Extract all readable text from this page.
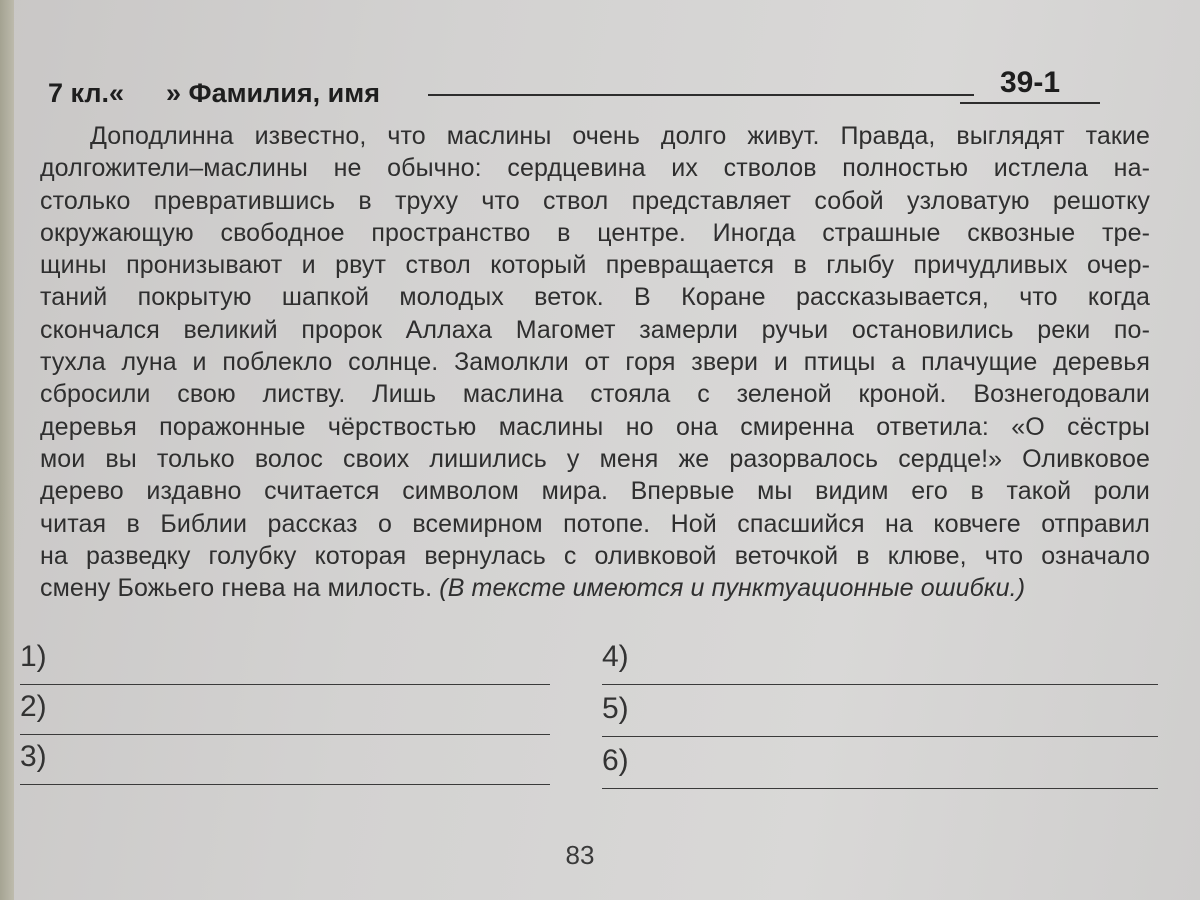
7 кл.« » Фамилия, имя	39-1
Доподлинна известно, что маслины очень долго живут. Правда, выглядят такие
долгожители–маслины не обычно: сердцевина их стволов полностью истлела на-
столько превратившись в труху что ствол представляет собой узловатую решотку
окружающую свободное пространство в центре. Иногда страшные сквозные тре-
щины пронизывают и рвут ствол который превращается в глыбу причудливых очер-
таний покрытую шапкой молодых веток. В Коране рассказывается, что когда
скончался великий пророк Аллаха Магомет замерли ручьи остановились реки по-
тухла луна и поблекло солнце. Замолкли от горя звери и птицы а плачущие деревья
сбросили свою листву. Лишь маслина стояла с зеленой кроной. Вознегодовали
деревья поражонные чёрствостью маслины но она смиренна ответила: «О сёстры
мои вы только волос своих лишились у меня же разорвалось сердце!» Оливковое
дерево издавно считается символом мира. Впервые мы видим его в такой роли
читая в Библии рассказ о всемирном потопе. Ной спасшийся на ковчеге отправил
на разведку голубку которая вернулась с оливковой веточкой в клюве, что означало
смену Божьего гнева на милость. (В тексте имеются и пунктуационные ошибки.)
1)
2)
3)
4)
5)
6)
83
